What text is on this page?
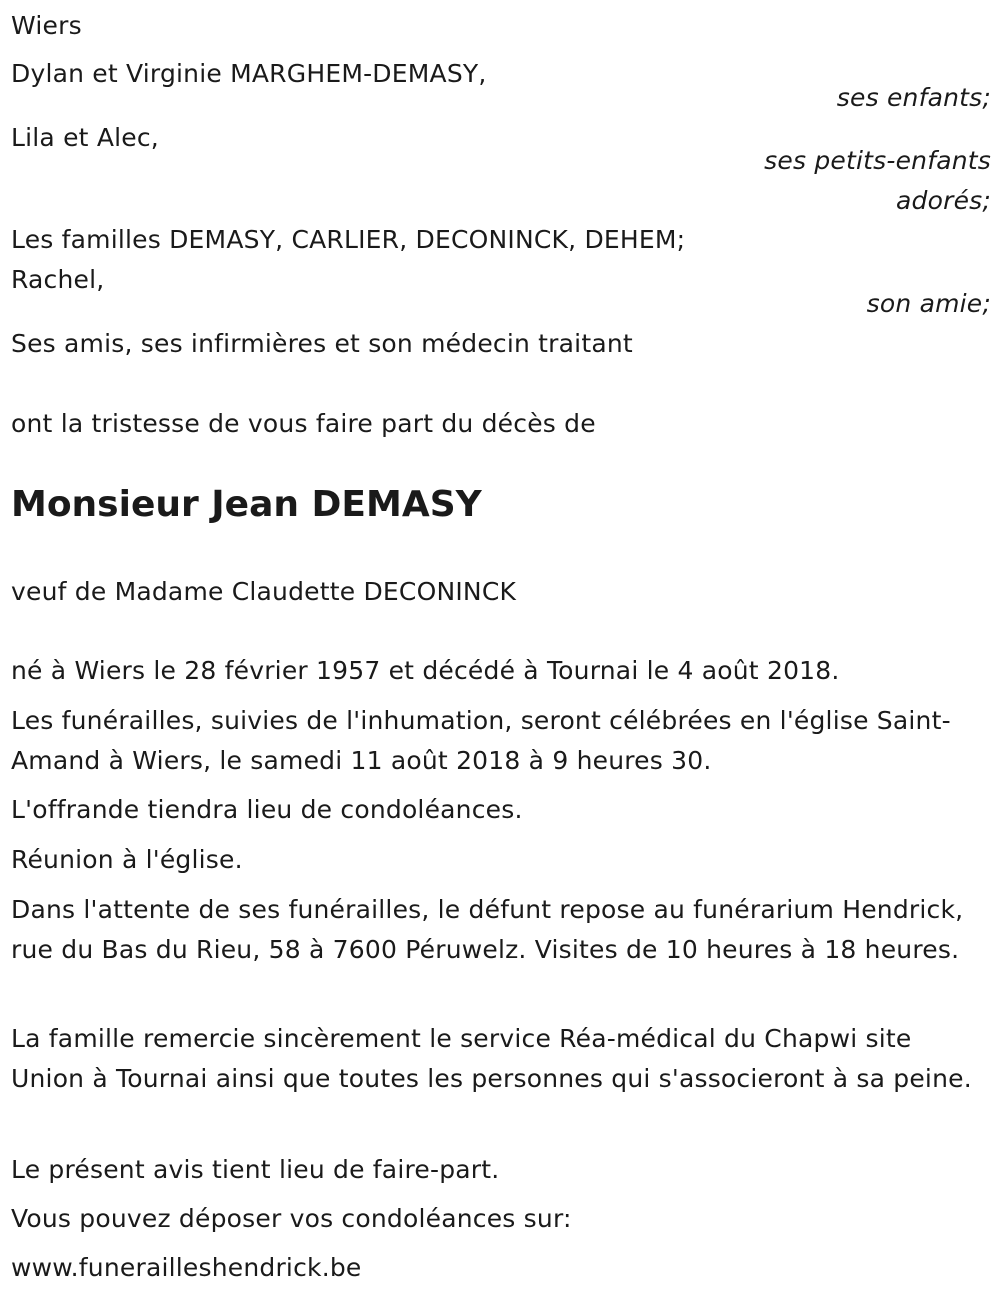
Wiers
Dylan et Virginie MARGHEM-DEMASY,
ses enfants;
Lila et Alec,
ses petits-enfants
adorés;
Les familles DEMASY, CARLIER, DECONINCK, DEHEM;
Rachel,
son amie;
Ses amis, ses infirmières et son médecin traitant
ont la tristesse de vous faire part du décès de
Monsieur Jean DEMASY
veuf de Madame Claudette DECONINCK
né à Wiers le 28 février 1957 et décédé à Tournai le 4 août 2018.
Les funérailles, suivies de l'inhumation, seront célébrées en l'église Saint-Amand à Wiers, le samedi 11 août 2018 à 9 heures 30.
L'offrande tiendra lieu de condoléances.
Réunion à l'église.
Dans l'attente de ses funérailles, le défunt repose au funérarium Hendrick, rue du Bas du Rieu, 58 à 7600 Péruwelz. Visites de 10 heures à 18 heures.
La famille remercie sincèrement le service Réa-médical du Chapwi site Union à Tournai ainsi que toutes les personnes qui s'associeront à sa peine.
Le présent avis tient lieu de faire-part.
Vous pouvez déposer vos condoléances sur:
www.funerailleshendrick.be
